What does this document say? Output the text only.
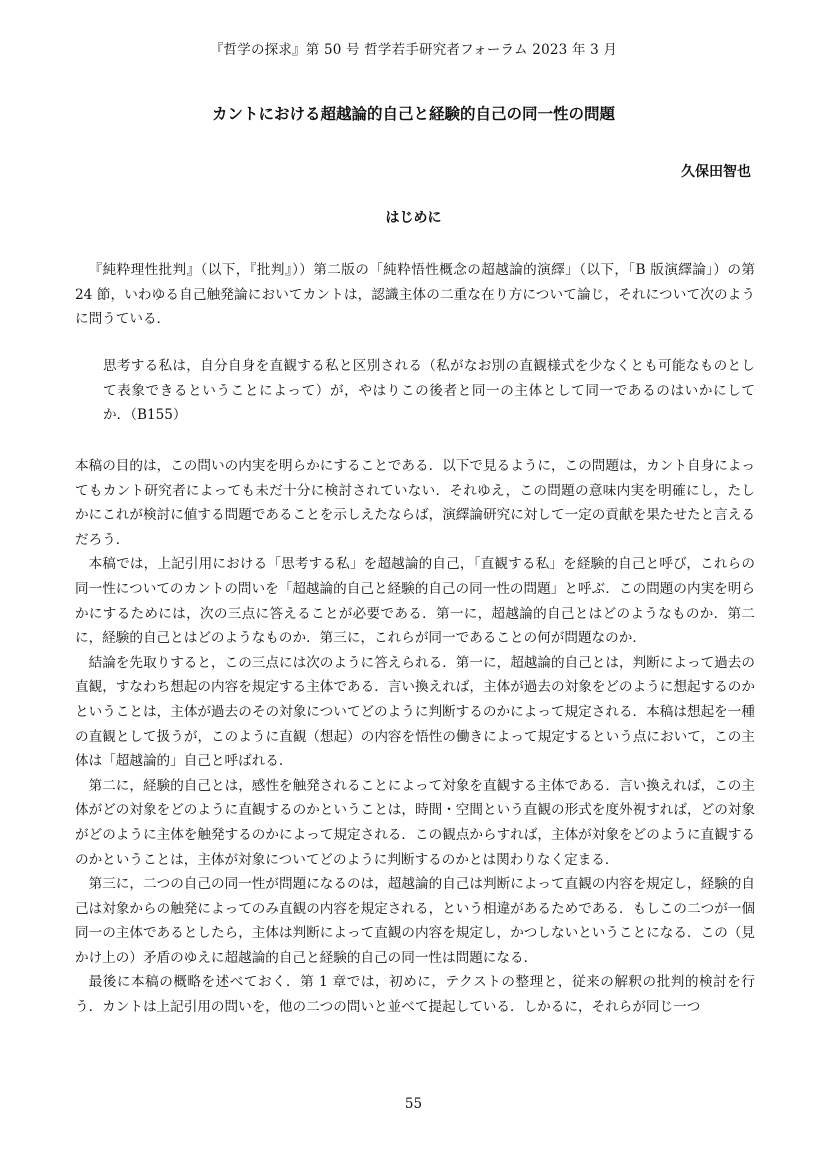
『哲学の探求』第 50 号 哲学若手研究者フォーラム 2023 年 3 月
カントにおける超越論的自己と経験的自己の同一性の問題
久保田智也
はじめに

『純粋理性批判』（以下，『批判』））第二版の「純粋悟性概念の超越論的演繹」（以下，「B 版演繹論」）の第 24 節，いわゆる自己触発論においてカントは，認識主体の二重な在り方について論じ，それについて次のように問うている．

思考する私は，自分自身を直観する私と区別される（私がなお別の直観様式を少なくとも可能なものとして表象できるということによって）が，やはりこの後者と同一の主体として同一であるのはいかにしてか．（B155）

本稿の目的は，この問いの内実を明らかにすることである．以下で見るように，この問題は，カント自身によってもカント研究者によっても未だ十分に検討されていない．それゆえ，この問題の意味内実を明確にし，たしかにこれが検討に値する問題であることを示しえたならば，演繹論研究に対して一定の貢献を果たせたと言えるだろう．

本稿では，上記引用における「思考する私」を超越論的自己，「直観する私」を経験的自己と呼び，これらの同一性についてのカントの問いを「超越論的自己と経験的自己の同一性の問題」と呼ぶ．この問題の内実を明らかにするためには，次の三点に答えることが必要である．第一に，超越論的自己とはどのようなものか．第二に，経験的自己とはどのようなものか．第三に，これらが同一であることの何が問題なのか．

結論を先取りすると，この三点には次のように答えられる．第一に，超越論的自己とは，判断によって過去の直観，すなわち想起の内容を規定する主体である．言い換えれば，主体が過去の対象をどのように想起するのかということは，主体が過去のその対象についてどのように判断するのかによって規定される．本稿は想起を一種の直観として扱うが，このように直観（想起）の内容を悟性の働きによって規定するという点において，この主体は「超越論的」自己と呼ばれる．

第二に，経験的自己とは，感性を触発されることによって対象を直観する主体である．言い換えれば，この主体がどの対象をどのように直観するのかということは，時間・空間という直観の形式を度外視すれば，どの対象がどのように主体を触発するのかによって規定される．この観点からすれば，主体が対象をどのように直観するのかということは，主体が対象についてどのように判断するのかとは関わりなく定まる．

第三に，二つの自己の同一性が問題になるのは，超越論的自己は判断によって直観の内容を規定し，経験的自己は対象からの触発によってのみ直観の内容を規定される，という相違があるためである．もしこの二つが一個同一の主体であるとしたら，主体は判断によって直観の内容を規定し，かつしないということになる．この（見かけ上の）矛盾のゆえに超越論的自己と経験的自己の同一性は問題になる．

最後に本稿の概略を述べておく．第 1 章では，初めに，テクストの整理と，従来の解釈の批判的検討を行う．カントは上記引用の問いを，他の二つの問いと並べて提起している．しかるに，それらが同じ一つ

55
